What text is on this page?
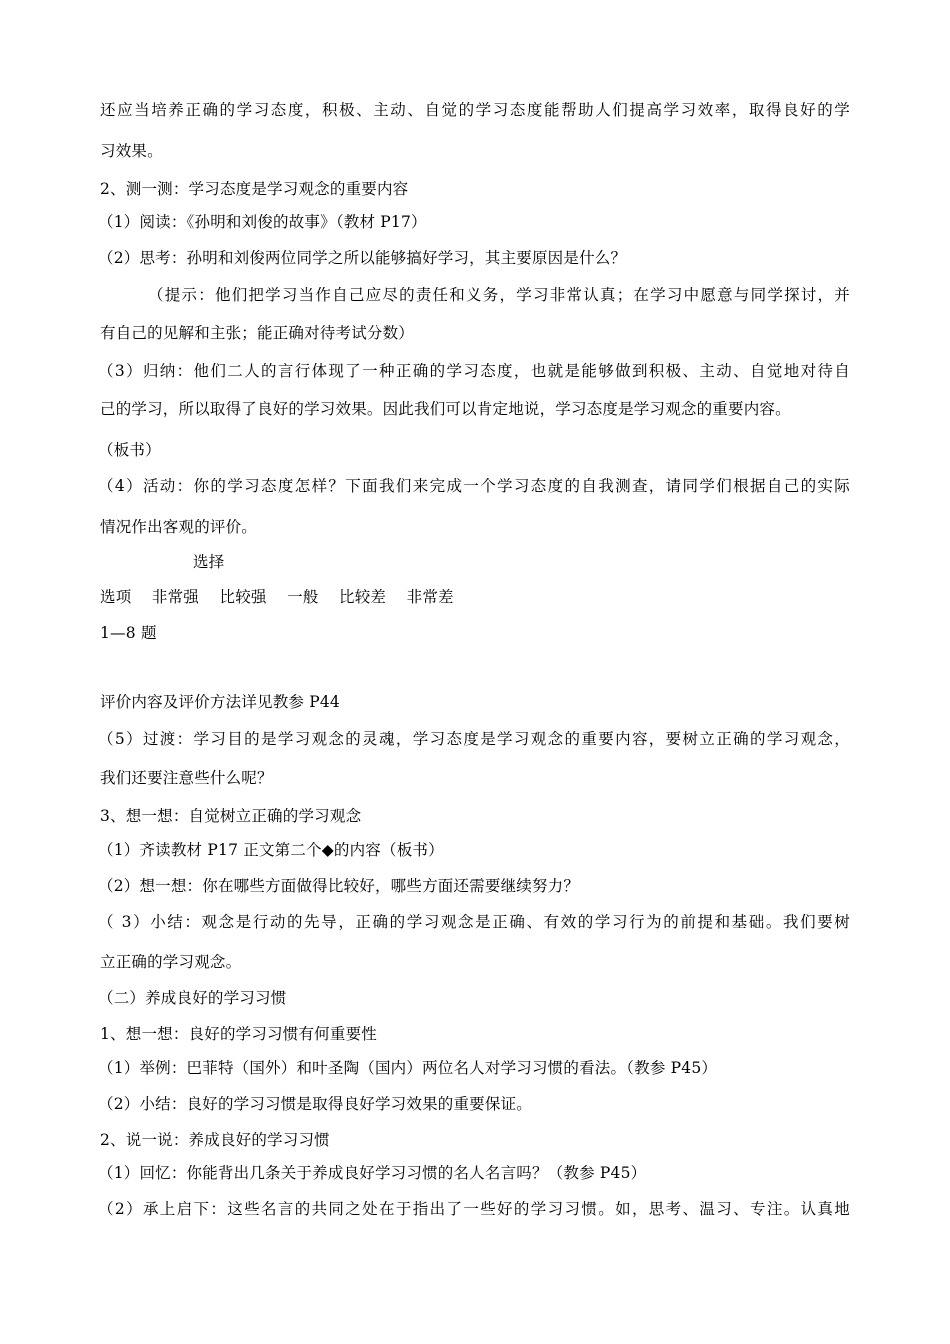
还应当培养正确的学习态度，积极、主动、自觉的学习态度能帮助人们提高学习效率，取得良好的学
习效果。
2、测一测：学习态度是学习观念的重要内容
（1）阅读：《孙明和刘俊的故事》（教材 P17）
（2）思考：孙明和刘俊两位同学之所以能够搞好学习，其主要原因是什么？
（提示：他们把学习当作自己应尽的责任和义务，学习非常认真；在学习中愿意与同学探讨，并
有自己的见解和主张；能正确对待考试分数）
（3）归纳：他们二人的言行体现了一种正确的学习态度，也就是能够做到积极、主动、自觉地对待自
己的学习，所以取得了良好的学习效果。因此我们可以肯定地说，学习态度是学习观念的重要内容。
（板书）
（4）活动：你的学习态度怎样？下面我们来完成一个学习态度的自我测查，请同学们根据自己的实际
情况作出客观的评价。
选择
选项    非常强    比较强    一般    比较差    非常差
1—8 题
评价内容及评价方法详见教参 P44
（5）过渡：学习目的是学习观念的灵魂，学习态度是学习观念的重要内容，要树立正确的学习观念，
我们还要注意些什么呢？
3、想一想：自觉树立正确的学习观念
（1）齐读教材 P17 正文第二个◆的内容（板书）
（2）想一想：你在哪些方面做得比较好，哪些方面还需要继续努力？
（ 3）小结：观念是行动的先导，正确的学习观念是正确、有效的学习行为的前提和基础。我们要树
立正确的学习观念。
（二）养成良好的学习习惯
1、想一想：良好的学习习惯有何重要性
（1）举例：巴菲特（国外）和叶圣陶（国内）两位名人对学习习惯的看法。（教参 P45）
（2）小结：良好的学习习惯是取得良好学习效果的重要保证。
2、说一说：养成良好的学习习惯
（1）回忆：你能背出几条关于养成良好学习习惯的名人名言吗？（教参 P45）
（2）承上启下：这些名言的共同之处在于指出了一些好的学习习惯。如，思考、温习、专注。认真地
